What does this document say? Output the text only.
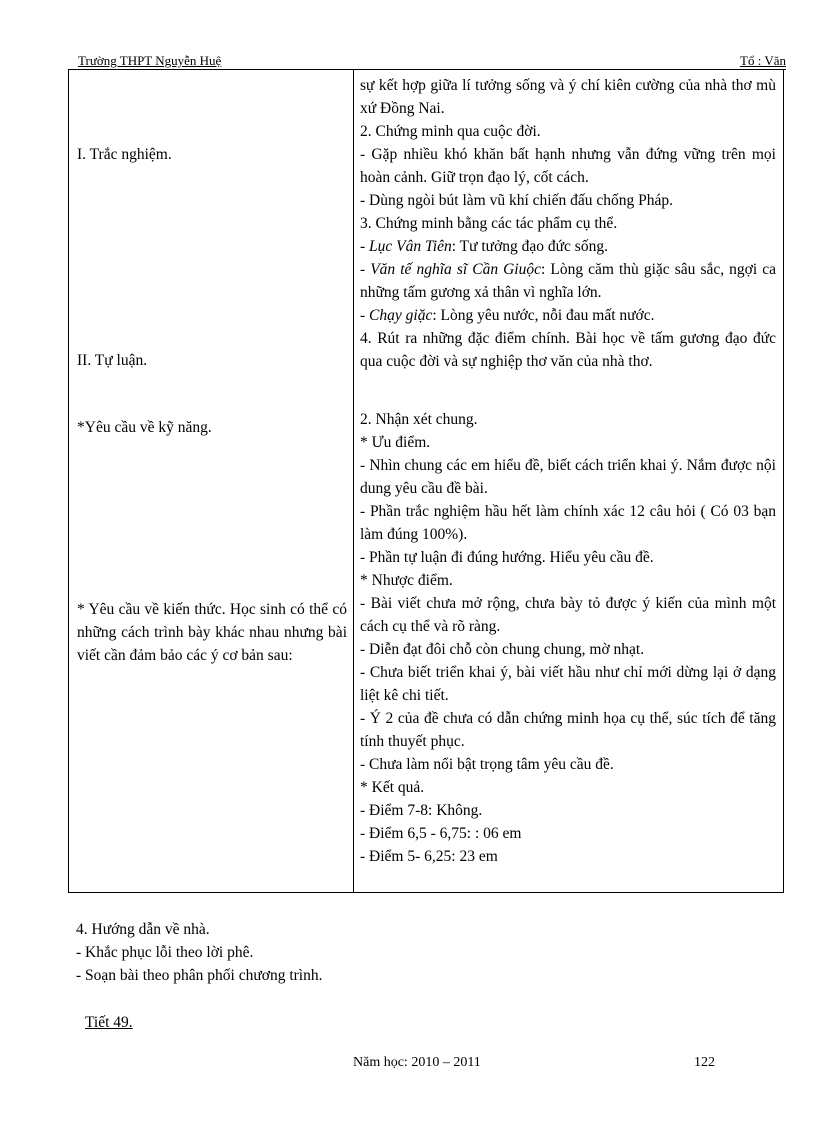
Trường THPT Nguyễn Huệ	Tổ : Văn
I. Trắc nghiệm.
II. Tự luận.
*Yêu cầu về kỹ năng.
* Yêu cầu về kiến thức. Học sinh có thể có những cách trình bày khác nhau nhưng bài viết cần đảm bảo các ý cơ bản sau:
sự kết hợp giữa lí tưởng sống và ý chí kiên cường của nhà thơ mù xứ Đồng Nai.
2. Chứng minh qua cuộc đời.
- Gặp nhiều khó khăn bất hạnh nhưng vẫn đứng vững trên mọi hoàn cảnh. Giữ trọn đạo lý, cốt cách.
- Dùng ngòi bút làm vũ khí chiến đấu chống Pháp.
3. Chứng minh bằng các tác phẩm cụ thể.
- Lục Vân Tiên: Tư tưởng đạo đức sống.
- Văn tế nghĩa sĩ Cần Giuộc: Lòng căm thù giặc sâu sắc, ngợi ca những tấm gương xả thân vì nghĩa lớn.
- Chạy giặc: Lòng yêu nước, nỗi đau mất nước.
4. Rút ra những đặc điểm chính. Bài học về tấm gương đạo đức qua cuộc đời và sự nghiệp thơ văn của nhà thơ.
2. Nhận xét chung.
* Ưu điểm.
- Nhìn chung các em hiểu đề, biết cách triển khai ý. Nắm được nội dung yêu cầu đề bài.
- Phần trắc nghiệm hầu hết làm chính xác 12 câu hỏi ( Có 03 bạn làm đúng 100%).
- Phần tự luận đi đúng hướng. Hiểu yêu cầu đề.
* Nhược điểm.
- Bài viết chưa mở rộng, chưa bày tỏ được ý kiến của mình một cách cụ thể và rõ ràng.
- Diễn đạt đôi chỗ còn chung chung, mờ nhạt.
- Chưa biết triển khai ý, bài viết hầu như chỉ mới dừng lại ở dạng liệt kê chi tiết.
- Ý 2 của đề chưa có dẫn chứng minh họa cụ thể, súc tích để tăng tính thuyết phục.
- Chưa làm nổi bật trọng tâm yêu cầu đề.
* Kết quả.
- Điểm 7-8: Không.
- Điểm 6,5 - 6,75: : 06 em
- Điểm 5- 6,25: 23 em
4. Hướng dẫn về nhà.
- Khắc phục lỗi theo lời phê.
- Soạn bài theo phân phối chương trình.
Tiết 49.
Năm học: 2010 – 2011	122
